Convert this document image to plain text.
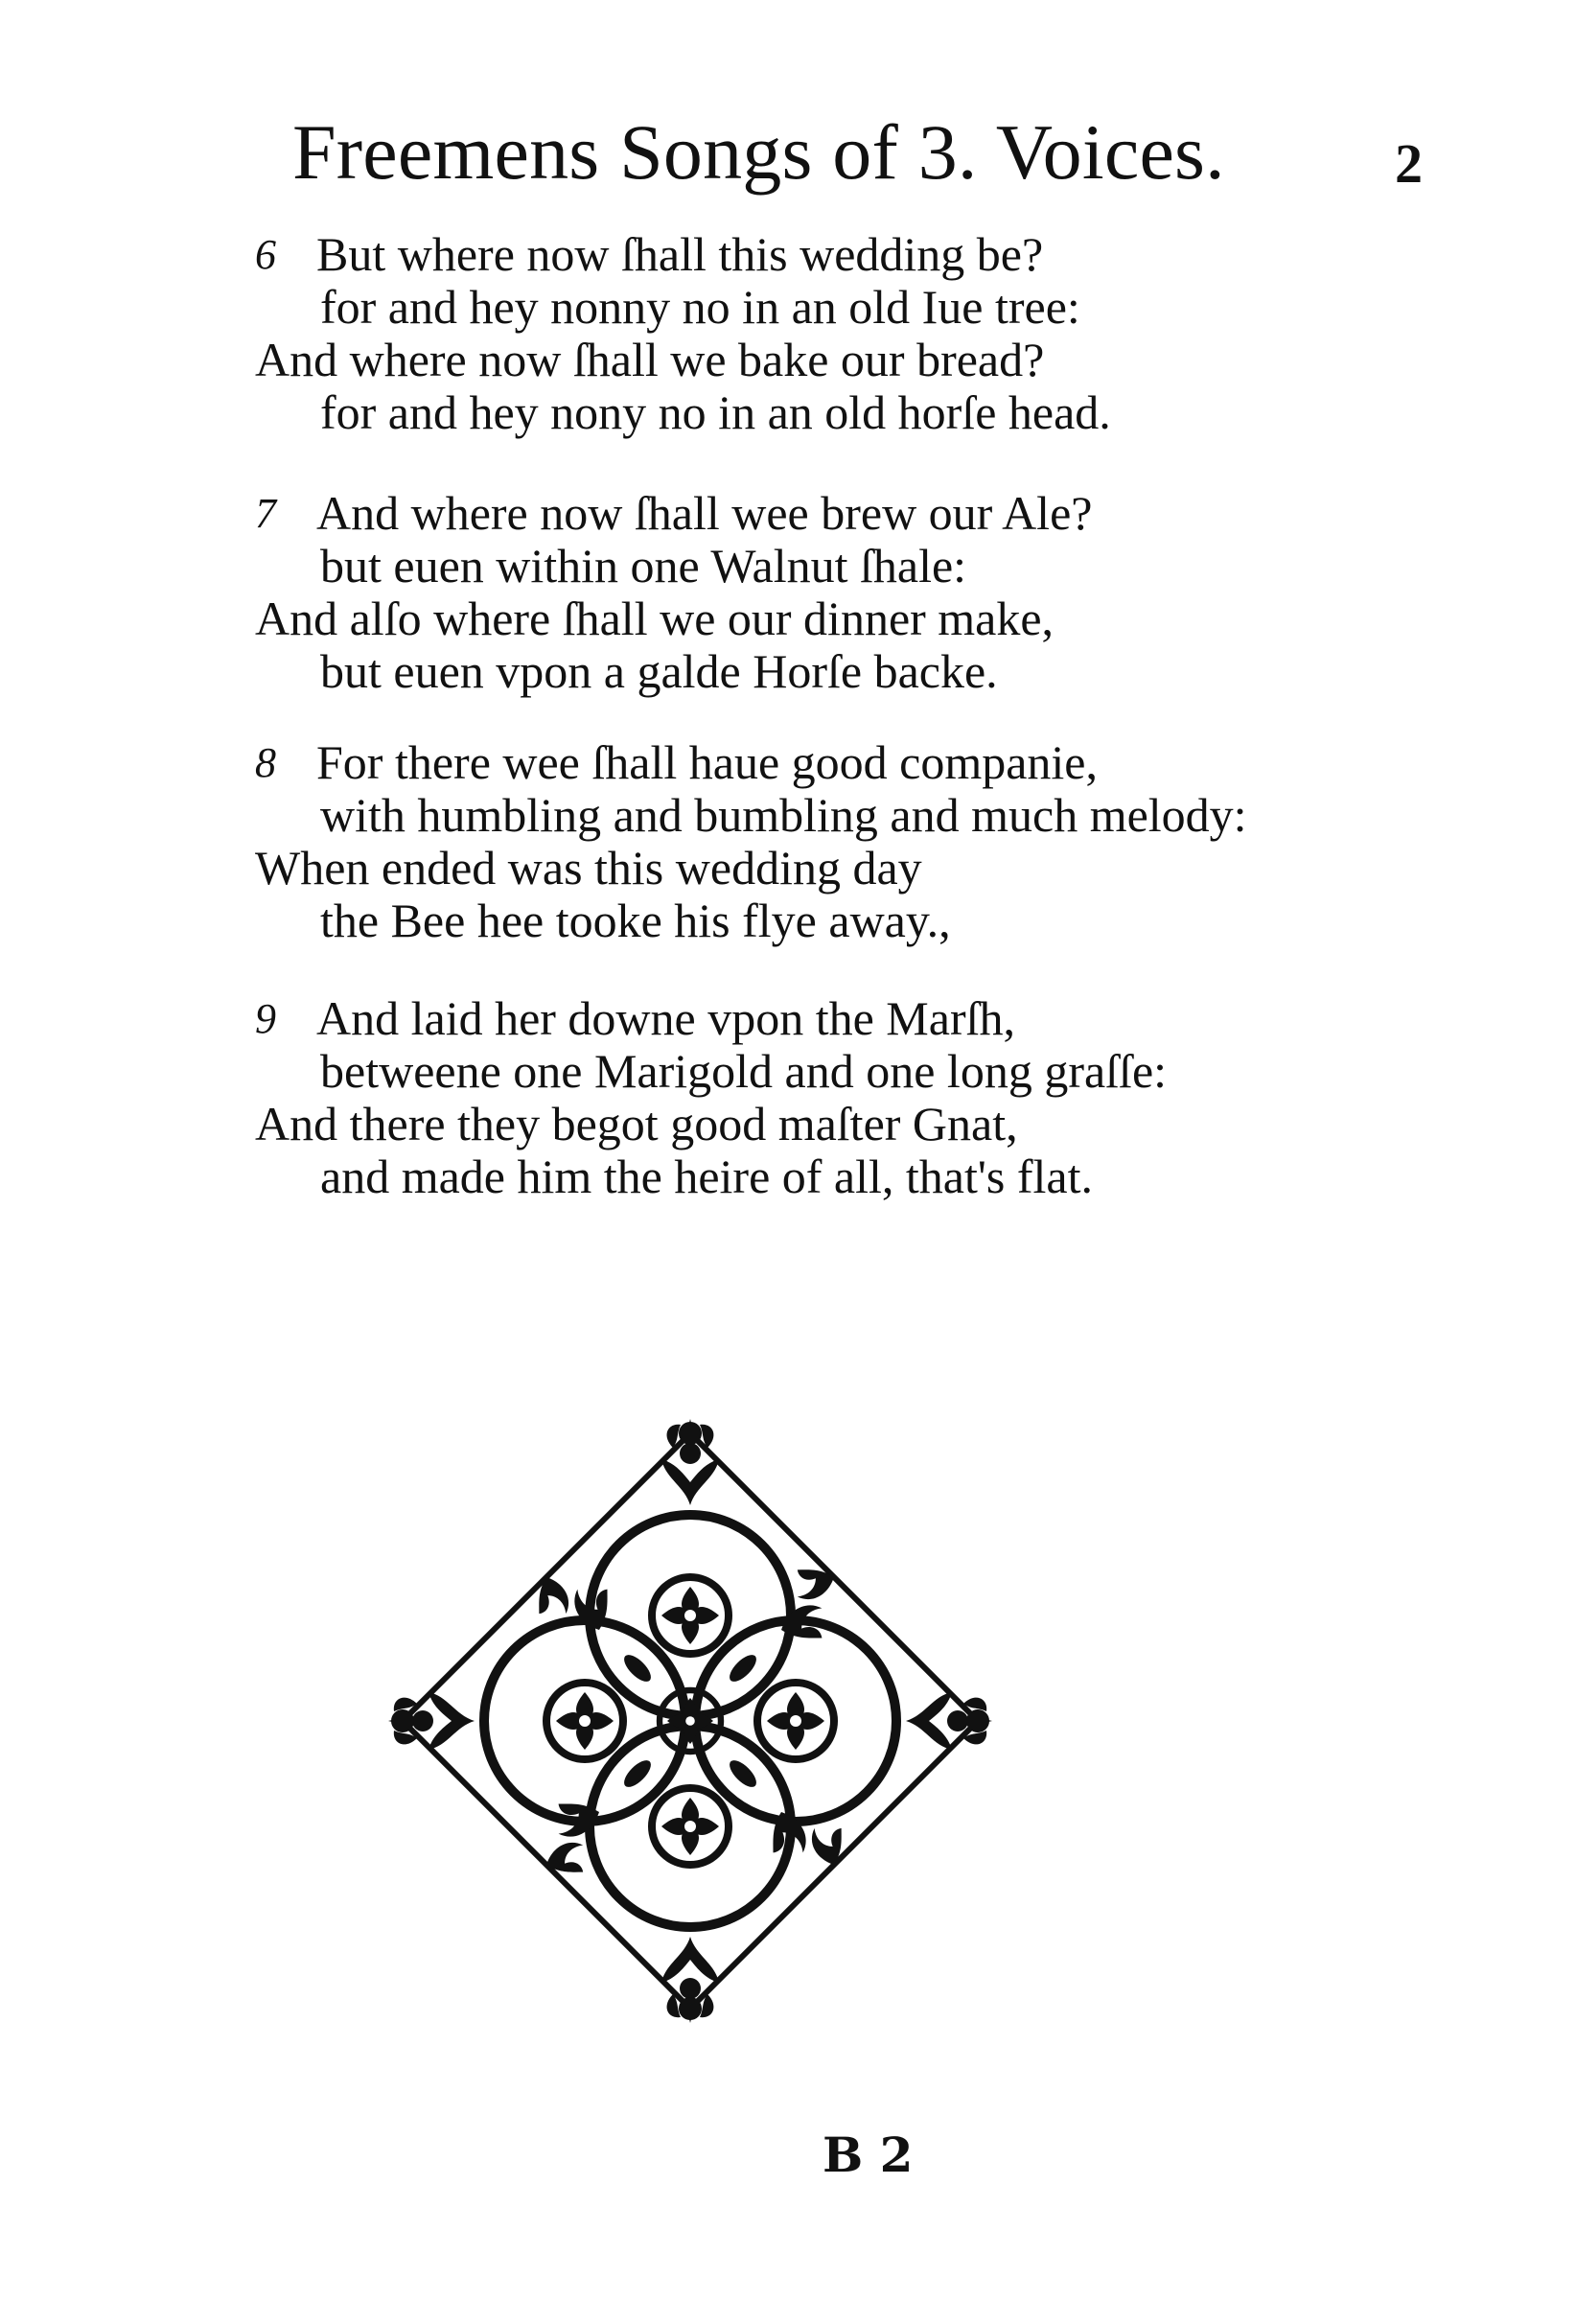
Freemens Songs of 3. Voices.	2
6 But where now ſhall this wedding be?
for and hey nonny no in an old Iue tree:
And where now ſhall we bake our bread?
for and hey nony no in an old horſe head.
7 And where now ſhall wee brew our Ale?
but euen within one Walnut ſhale:
And alſo where ſhall we our dinner make,
but euen vpon a galde Horſe backe.
8 For there wee ſhall haue good companie,
with humbling and bumbling and much melody:
When ended was this wedding day
the Bee hee tooke his flye away.,
9 And laid her downe vpon the Marſh,
betweene one Marigold and one long graſſe:
And there they begot good maſter Gnat,
and made him the heire of all, that's flat.
B 2
